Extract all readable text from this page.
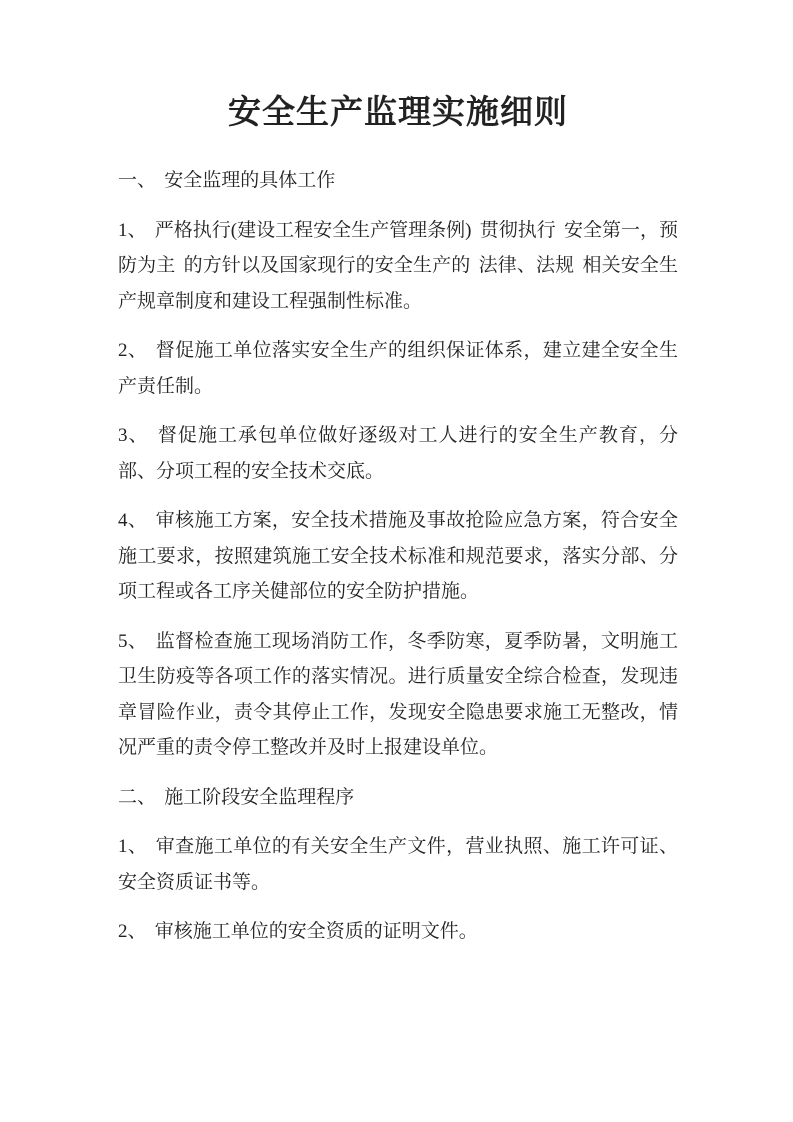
安全生产监理实施细则

一、 安全监理的具体工作

1、 严格执行(建设工程安全生产管理条例) 贯彻执行 安全第一，预防为主 的方针以及国家现行的安全生产的 法律、法规 相关安全生产规章制度和建设工程强制性标准。

2、 督促施工单位落实安全生产的组织保证体系，建立建全安全生产责任制。

3、 督促施工承包单位做好逐级对工人进行的安全生产教育，分部、分项工程的安全技术交底。

4、 审核施工方案，安全技术措施及事故抢险应急方案，符合安全施工要求，按照建筑施工安全技术标准和规范要求，落实分部、分项工程或各工序关健部位的安全防护措施。

5、 监督检查施工现场消防工作，冬季防寒，夏季防暑，文明施工卫生防疫等各项工作的落实情况。进行质量安全综合检查，发现违章冒险作业，责令其停止工作，发现安全隐患要求施工无整改，情况严重的责令停工整改并及时上报建设单位。

二、 施工阶段安全监理程序

1、 审查施工单位的有关安全生产文件，营业执照、施工许可证、安全资质证书等。

2、 审核施工单位的安全资质的证明文件。
